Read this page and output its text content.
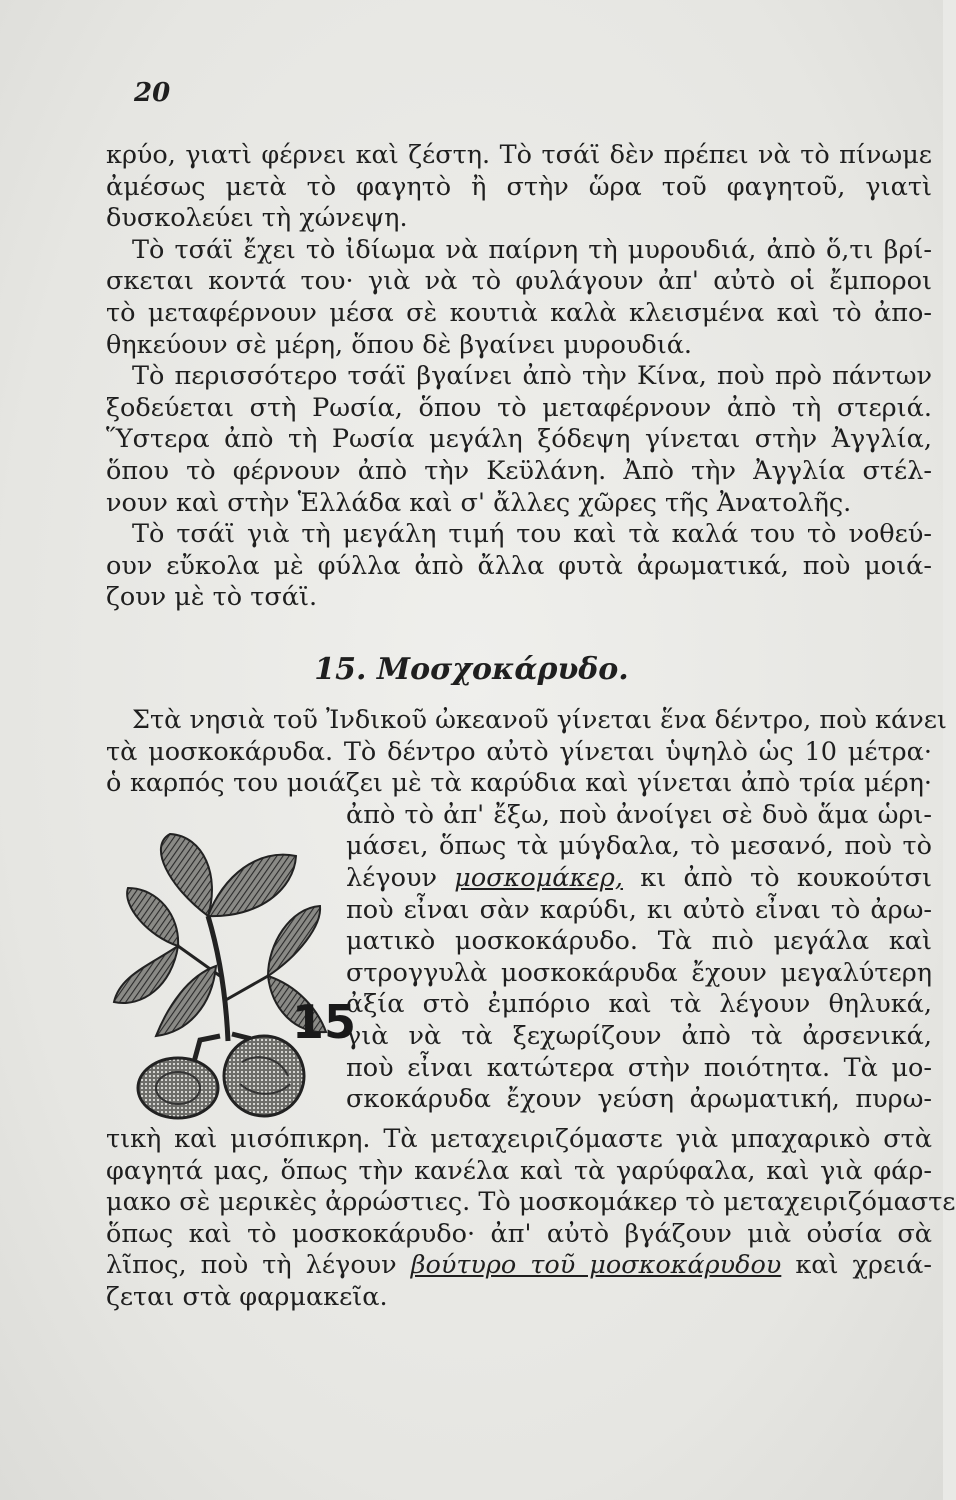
20
κρύο, γιατὶ φέρνει καὶ ζέστη. Τὸ τσάϊ δὲν πρέπει νὰ τὸ πίνωμε
ἀμέσως μετὰ τὸ φαγητὸ ἢ στὴν ὥρα τοῦ φαγητοῦ, γιατὶ
δυσκολεύει τὴ χώνεψη.
Τὸ τσάϊ ἔχει τὸ ἰδίωμα νὰ παίρνη τὴ μυρουδιά, ἀπὸ ὅ,τι βρί-
σκεται κοντά του· γιὰ νὰ τὸ φυλάγουν ἀπ' αὐτὸ οἱ ἔμποροι
τὸ μεταφέρνουν μέσα σὲ κουτιὰ καλὰ κλεισμένα καὶ τὸ ἀπο-
θηκεύουν σὲ μέρη, ὅπου δὲ βγαίνει μυρουδιά.
Τὸ περισσότερο τσάϊ βγαίνει ἀπὸ τὴν Κίνα, ποὺ πρὸ πάντων
ξοδεύεται στὴ Ρωσία, ὅπου τὸ μεταφέρνουν ἀπὸ τὴ στεριά.
Ὕστερα ἀπὸ τὴ Ρωσία μεγάλη ξόδεψη γίνεται στὴν Ἀγγλία,
ὅπου τὸ φέρνουν ἀπὸ τὴν Κεϋλάνη. Ἀπὸ τὴν Ἀγγλία στέλ-
νουν καὶ στὴν Ἑλλάδα καὶ σ' ἄλλες χῶρες τῆς Ἀνατολῆς.
Τὸ τσάϊ γιὰ τὴ μεγάλη τιμή του καὶ τὰ καλά του τὸ νοθεύ-
ουν εὔκολα μὲ φύλλα ἀπὸ ἄλλα φυτὰ ἀρωματικά, ποὺ μοιά-
ζουν μὲ τὸ τσάϊ.
15. Μοσχοκάρυδο.
Στὰ νησιὰ τοῦ Ἰνδικοῦ ὠκεανοῦ γίνεται ἕνα δέντρο, ποὺ κάνει
τὰ μοσκοκάρυδα. Τὸ δέντρο αὐτὸ γίνεται ὑψηλὸ ὡς 10 μέτρα·
ὁ καρπός του μοιάζει μὲ τὰ καρύδια καὶ γίνεται ἀπὸ τρία μέρη·
ἀπὸ τὸ ἀπ' ἔξω, ποὺ ἀνοίγει σὲ δυὸ ἅμα ὡρι-
μάσει, ὅπως τὰ μύγδαλα, τὸ μεσανό, ποὺ τὸ
λέγουν μοσκομάκερ, κι ἀπὸ τὸ κουκούτσι
ποὺ εἶναι σὰν καρύδι, κι αὐτὸ εἶναι τὸ ἀρω-
ματικὸ μοσκοκάρυδο. Τὰ πιὸ μεγάλα καὶ
στρογγυλὰ μοσκοκάρυδα ἔχουν μεγαλύτερη
ἀξία στὸ ἐμπόριο καὶ τὰ λέγουν θηλυκά,
γιὰ νὰ τὰ ξεχωρίζουν ἀπὸ τὰ ἀρσενικά,
ποὺ εἶναι κατώτερα στὴν ποιότητα. Τὰ μο-
σκοκάρυδα ἔχουν γεύση ἀρωματική, πυρω-
15
τικὴ καὶ μισόπικρη. Τὰ μεταχειριζόμαστε γιὰ μπαχαρικὸ στὰ
φαγητά μας, ὅπως τὴν κανέλα καὶ τὰ γαρύφαλα, καὶ γιὰ φάρ-
μακο σὲ μερικὲς ἀρρώστιες. Τὸ μοσκομάκερ τὸ μεταχειριζόμαστε
ὅπως καὶ τὸ μοσκοκάρυδο· ἀπ' αὐτὸ βγάζουν μιὰ οὐσία σὰ
λῖπος, ποὺ τὴ λέγουν βούτυρο τοῦ μοσκοκάρυδου καὶ χρειά-
ζεται στὰ φαρμακεῖα.
